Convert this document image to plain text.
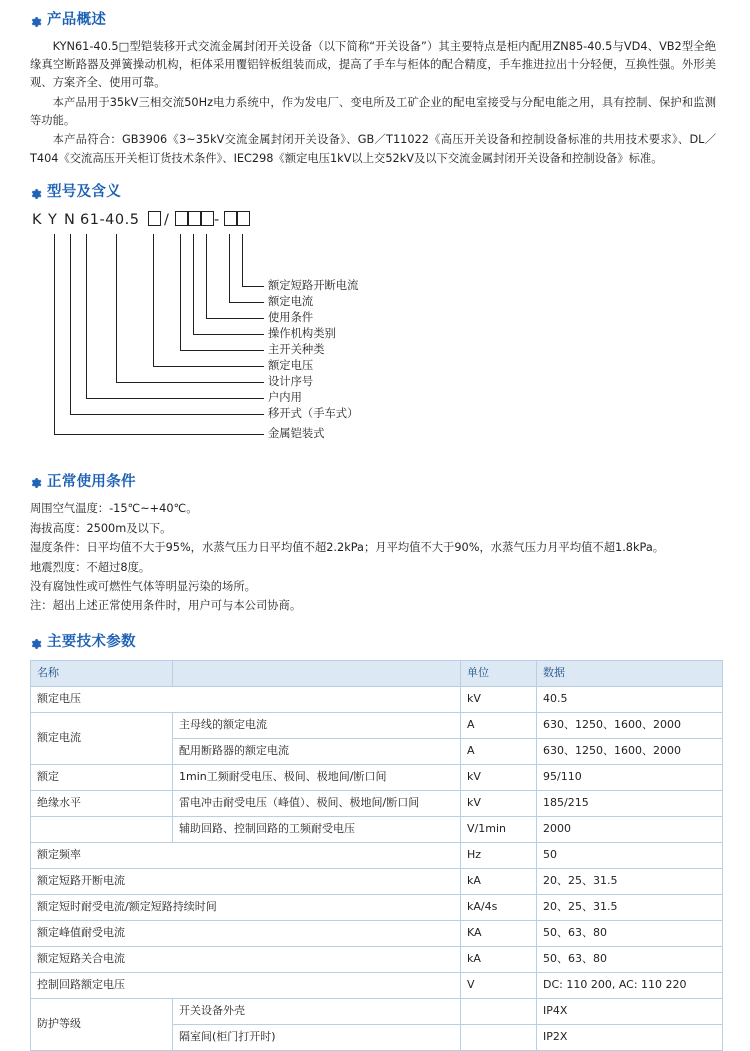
产品概述

KYN61-40.5□型铠装移开式交流金属封闭开关设备（以下简称“开关设备”）其主要特点是柜内配用ZN85-40.5与VD4、VB2型全绝缘真空断路器及弹簧操动机构，柜体采用覆铝锌板组装而成，提高了手车与柜体的配合精度，手车推进拉出十分轻便，互换性强。外形美观、方案齐全、使用可靠。

本产品用于35kV三相交流50Hz电力系统中，作为发电厂、变电所及工矿企业的配电室接受与分配电能之用，具有控制、保护和监测等功能。

本产品符合：GB3906《3~35kV交流金属封闭开关设备》、GB／T11022《高压开关设备和控制设备标准的共用技术要求》、DL／T404《交流高压开关柜订货技术条件》、IEC298《额定电压1kV以上交52kV及以下交流金属封闭开关设备和控制设备》标准。

型号及含义
K Y N 61-40.5 /	-
额定短路开断电流
额定电流
使用条件
操作机构类别
主开关种类
额定电压
设计序号
户内用
移开式（手车式）
金属铠装式
正常使用条件
周围空气温度：-15℃~+40℃。
海拔高度：2500m及以下。
湿度条件：日平均值不大于95%，水蒸气压力日平均值不超2.2kPa；月平均值不大于90%，水蒸气压力月平均值不超1.8kPa。
地震烈度：不超过8度。
没有腐蚀性或可燃性气体等明显污染的场所。
注：超出上述正常使用条件时，用户可与本公司协商。
主要技术参数
名称		单位	数据
额定电压		kV	40.5
额定电流	主母线的额定电流	A	630、1250、1600、2000
	配用断路器的额定电流	A	630、1250、1600、2000
额定	1min工频耐受电压、极间、极地间/断口间	kV	95/110
绝缘水平	雷电冲击耐受电压（峰值）、极间、极地间/断口间	kV	185/215
	辅助回路、控制回路的工频耐受电压	V/1min	2000
额定频率		Hz	50
额定短路开断电流		kA	20、25、31.5
额定短时耐受电流/额定短路持续时间		kA/4s	20、25、31.5
额定峰值耐受电流		KA	50、63、80
额定短路关合电流		kA	50、63、80
控制回路额定电压		V	DC: 110 200, AC: 110 220
防护等级	开关设备外壳		IP4X
	隔室间(柜门打开时)		IP2X
